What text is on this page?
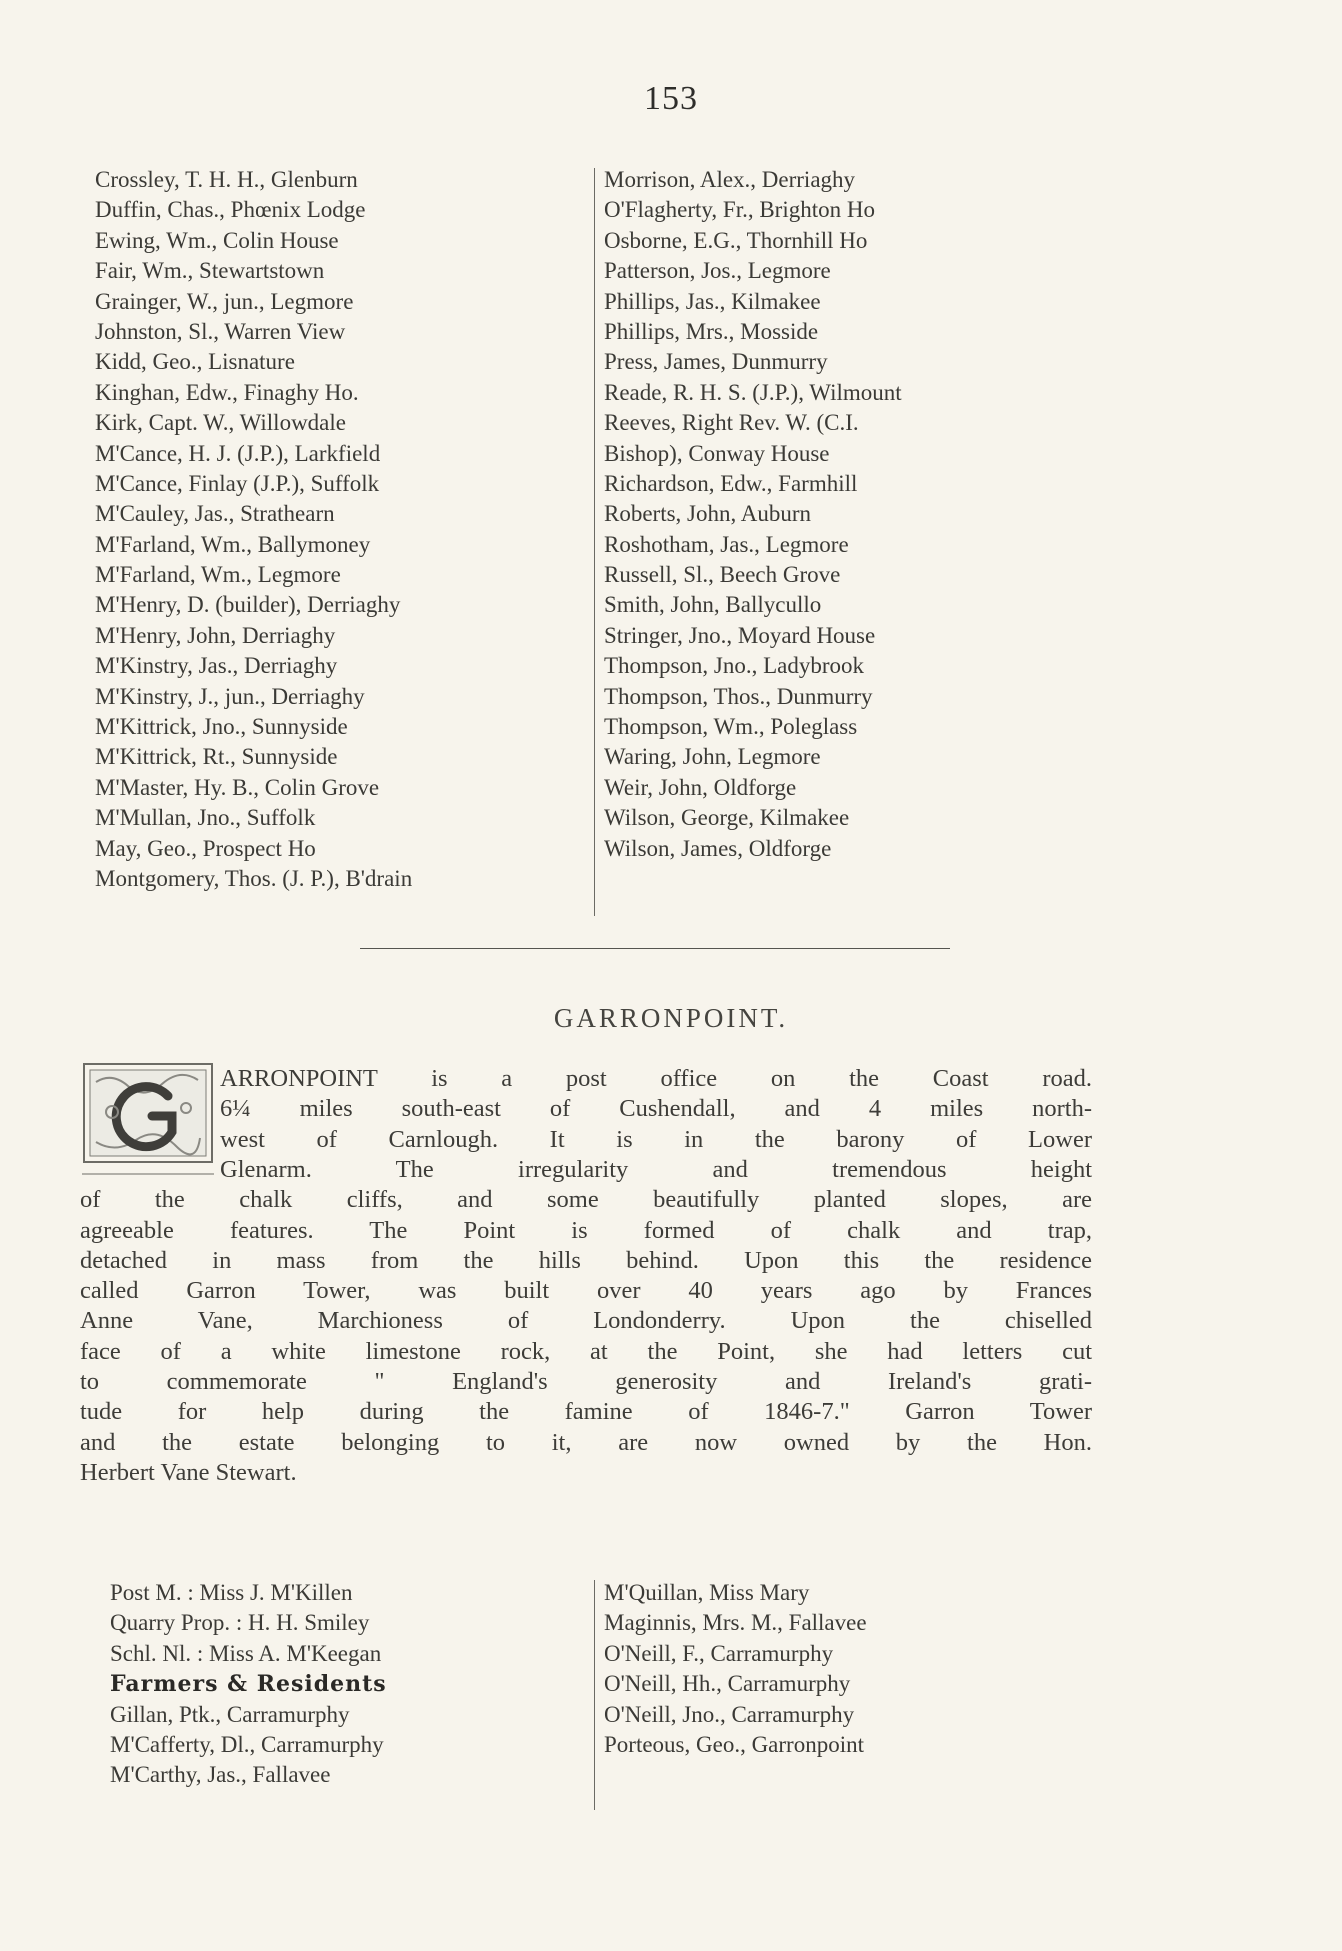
153
Crossley, T. H. H., Glenburn
Duffin, Chas., Phœnix Lodge
Ewing, Wm., Colin House
Fair, Wm., Stewartstown
Grainger, W., jun., Legmore
Johnston, Sl., Warren View
Kidd, Geo., Lisnature
Kinghan, Edw., Finaghy Ho.
Kirk, Capt. W., Willowdale
M'Cance, H. J. (J.P.), Larkfield
M'Cance, Finlay (J.P.), Suffolk
M'Cauley, Jas., Strathearn
M'Farland, Wm., Ballymoney
M'Farland, Wm., Legmore
M'Henry, D. (builder), Derriaghy
M'Henry, John, Derriaghy
M'Kinstry, Jas., Derriaghy
M'Kinstry, J., jun., Derriaghy
M'Kittrick, Jno., Sunnyside
M'Kittrick, Rt., Sunnyside
M'Master, Hy. B., Colin Grove
M'Mullan, Jno., Suffolk
May, Geo., Prospect Ho
Montgomery, Thos. (J. P.), B'drain
Morrison, Alex., Derriaghy
O'Flagherty, Fr., Brighton Ho
Osborne, E.G., Thornhill Ho
Patterson, Jos., Legmore
Phillips, Jas., Kilmakee
Phillips, Mrs., Mosside
Press, James, Dunmurry
Reade, R. H. S. (J.P.), Wilmount
Reeves, Right Rev. W. (C.I.
Bishop), Conway House
Richardson, Edw., Farmhill
Roberts, John, Auburn
Roshotham, Jas., Legmore
Russell, Sl., Beech Grove
Smith, John, Ballycullo
Stringer, Jno., Moyard House
Thompson, Jno., Ladybrook
Thompson, Thos., Dunmurry
Thompson, Wm., Poleglass
Waring, John, Legmore
Weir, John, Oldforge
Wilson, George, Kilmakee
Wilson, James, Oldforge
GARRONPOINT.
ARRONPOINT is a post office on the Coast road.
6¼ miles south-east of Cushendall, and 4 miles north-
west of Carnlough. It is in the barony of Lower
Glenarm. The irregularity and tremendous height
of the chalk cliffs, and some beautifully planted slopes, are
agreeable features. The Point is formed of chalk and trap,
detached in mass from the hills behind. Upon this the residence
called Garron Tower, was built over 40 years ago by Frances
Anne Vane, Marchioness of Londonderry. Upon the chiselled
face of a white limestone rock, at the Point, she had letters cut
to commemorate " England's generosity and Ireland's grati-
tude for help during the famine of 1846-7." Garron Tower
and the estate belonging to it, are now owned by the Hon.
Herbert Vane Stewart.
Post M. : Miss J. M'Killen
Quarry Prop. : H. H. Smiley
Schl. Nl. : Miss A. M'Keegan
Farmers & Residents
Gillan, Ptk., Carramurphy
M'Cafferty, Dl., Carramurphy
M'Carthy, Jas., Fallavee
M'Quillan, Miss Mary
Maginnis, Mrs. M., Fallavee
O'Neill, F., Carramurphy
O'Neill, Hh., Carramurphy
O'Neill, Jno., Carramurphy
Porteous, Geo., Garronpoint
